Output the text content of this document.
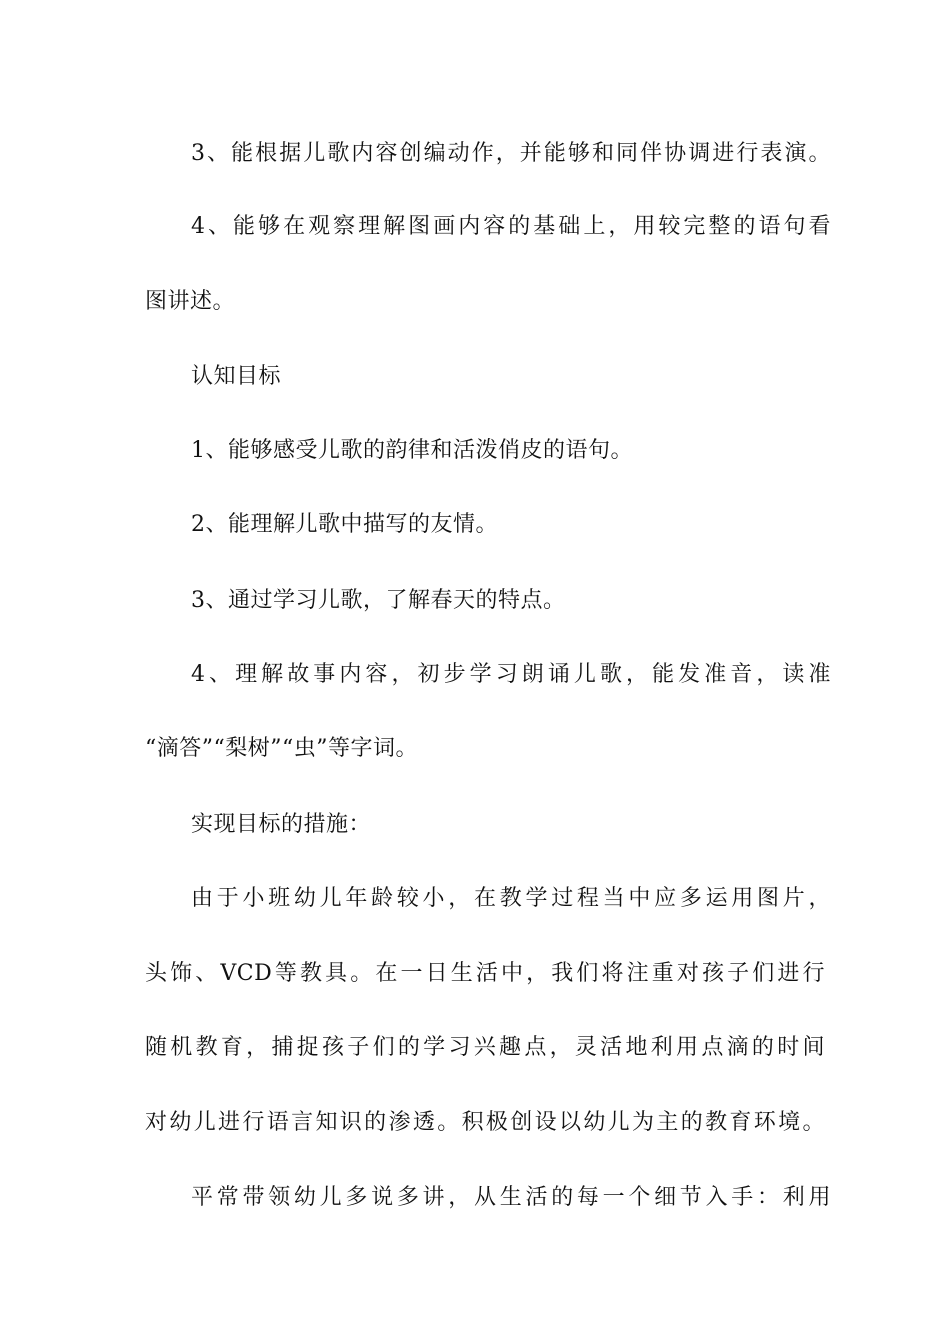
3、能根据儿歌内容创编动作，并能够和同伴协调进行表演。
4、能够在观察理解图画内容的基础上，用较完整的语句看
图讲述。
认知目标
1、能够感受儿歌的韵律和活泼俏皮的语句。
2、能理解儿歌中描写的友情。
3、通过学习儿歌，了解春天的特点。
4、理解故事内容，初步学习朗诵儿歌，能发准音，读准
“滴答”“梨树”“虫”等字词。
实现目标的措施：
由于小班幼儿年龄较小，在教学过程当中应多运用图片，
头饰、VCD等教具。在一日生活中，我们将注重对孩子们进行
随机教育，捕捉孩子们的学习兴趣点，灵活地利用点滴的时间
对幼儿进行语言知识的渗透。积极创设以幼儿为主的教育环境。
平常带领幼儿多说多讲，从生活的每一个细节入手：利用
